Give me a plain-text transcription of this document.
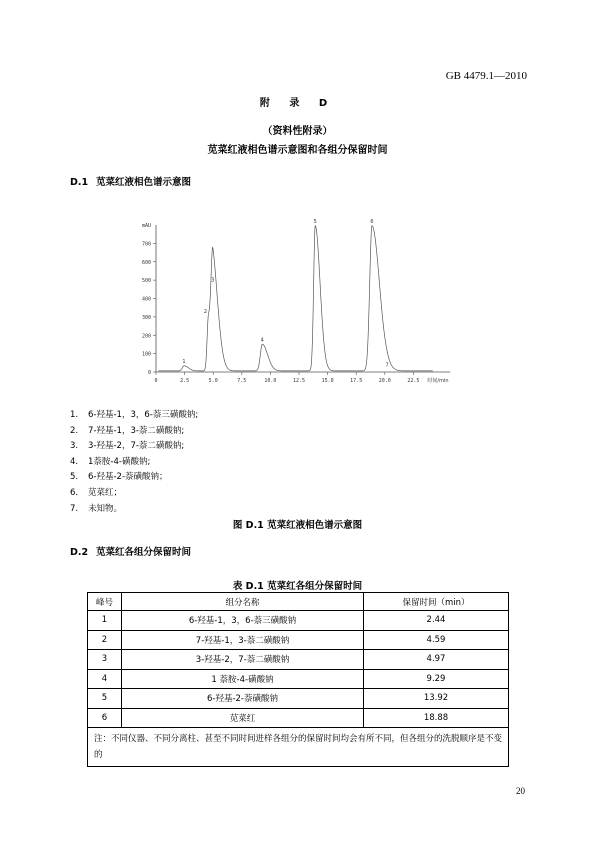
GB 4479.1—2010
附 录 D
（资料性附录）
苋菜红液相色谱示意图和各组分保留时间
D.1 苋菜红液相色谱示意图
0
100
200
300
400
500
600
700
mAU
0	2.5	5.0	7.5	10.0	12.5	15.0	17.5	20.0	22.5 时间/min
1
2
3
4
5	6
7
1. 6-羟基-1，3，6-萘三磺酸钠;
2. 7-羟基-1，3-萘二磺酸钠;
3. 3-羟基-2，7-萘二磺酸钠;
4. 1萘胺-4-磺酸钠;
5. 6-羟基-2-萘磺酸钠；
6. 苋菜红；
7. 未知物。
图 D.1 苋菜红液相色谱示意图
D.2 苋菜红各组分保留时间
表 D.1 苋菜红各组分保留时间
峰号	组分名称	保留时间（min）
1	6-羟基-1，3，6-萘三磺酸钠	2.44
2	7-羟基-1，3-萘二磺酸钠	4.59
3	3-羟基-2，7-萘二磺酸钠	4.97
4	1 萘胺-4-磺酸钠	9.29
5	6-羟基-2-萘磺酸钠	13.92
6	苋菜红	18.88
注：不同仪器、不同分离柱、甚至不同时间进样各组分的保留时间均会有所不同，但各组分的洗脱顺序是不变的		
20
